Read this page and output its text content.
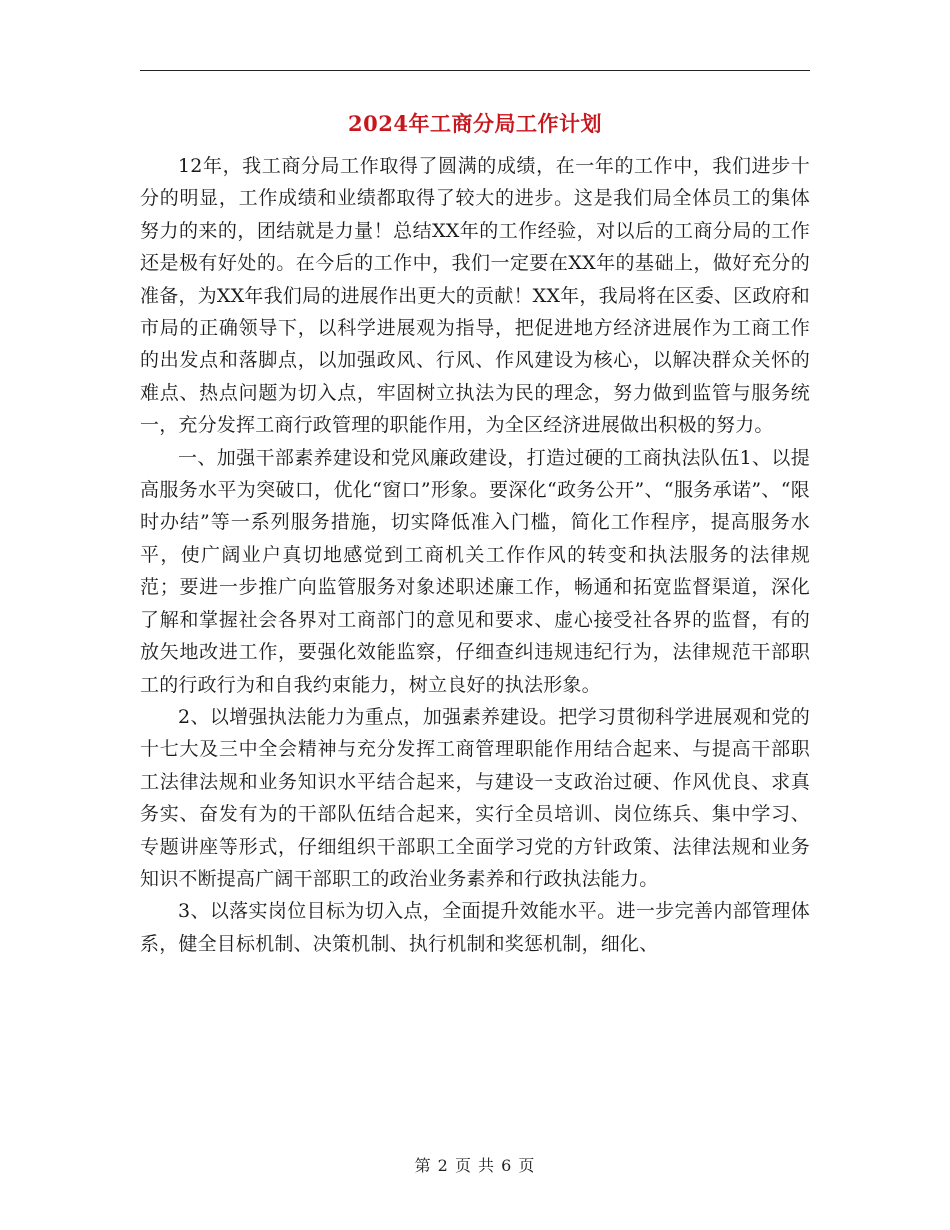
2024年工商分局工作计划

12年，我工商分局工作取得了圆满的成绩，在一年的工作中，我们进步十分的明显，工作成绩和业绩都取得了较大的进步。这是我们局全体员工的集体努力的来的，团结就是力量！总结XX年的工作经验，对以后的工商分局的工作还是极有好处的。在今后的工作中，我们一定要在XX年的基础上，做好充分的准备，为XX年我们局的进展作出更大的贡献！XX年，我局将在区委、区政府和市局的正确领导下，以科学进展观为指导，把促进地方经济进展作为工商工作的出发点和落脚点，以加强政风、行风、作风建设为核心，以解决群众关怀的难点、热点问题为切入点，牢固树立执法为民的理念，努力做到监管与服务统一，充分发挥工商行政管理的职能作用，为全区经济进展做出积极的努力。

一、加强干部素养建设和党风廉政建设，打造过硬的工商执法队伍1、以提高服务水平为突破口，优化“窗口”形象。要深化“政务公开”、“服务承诺”、“限时办结”等一系列服务措施，切实降低准入门槛，简化工作程序，提高服务水平，使广阔业户真切地感觉到工商机关工作作风的转变和执法服务的法律规范；要进一步推广向监管服务对象述职述廉工作，畅通和拓宽监督渠道，深化了解和掌握社会各界对工商部门的意见和要求、虚心接受社各界的监督，有的放矢地改进工作，要强化效能监察，仔细查纠违规违纪行为，法律规范干部职工的行政行为和自我约束能力，树立良好的执法形象。

2、以增强执法能力为重点，加强素养建设。把学习贯彻科学进展观和党的十七大及三中全会精神与充分发挥工商管理职能作用结合起来、与提高干部职工法律法规和业务知识水平结合起来，与建设一支政治过硬、作风优良、求真务实、奋发有为的干部队伍结合起来，实行全员培训、岗位练兵、集中学习、专题讲座等形式，仔细组织干部职工全面学习党的方针政策、法律法规和业务知识不断提高广阔干部职工的政治业务素养和行政执法能力。

3、以落实岗位目标为切入点，全面提升效能水平。进一步完善内部管理体系，健全目标机制、决策机制、执行机制和奖惩机制，细化、

第 2 页 共 6 页
